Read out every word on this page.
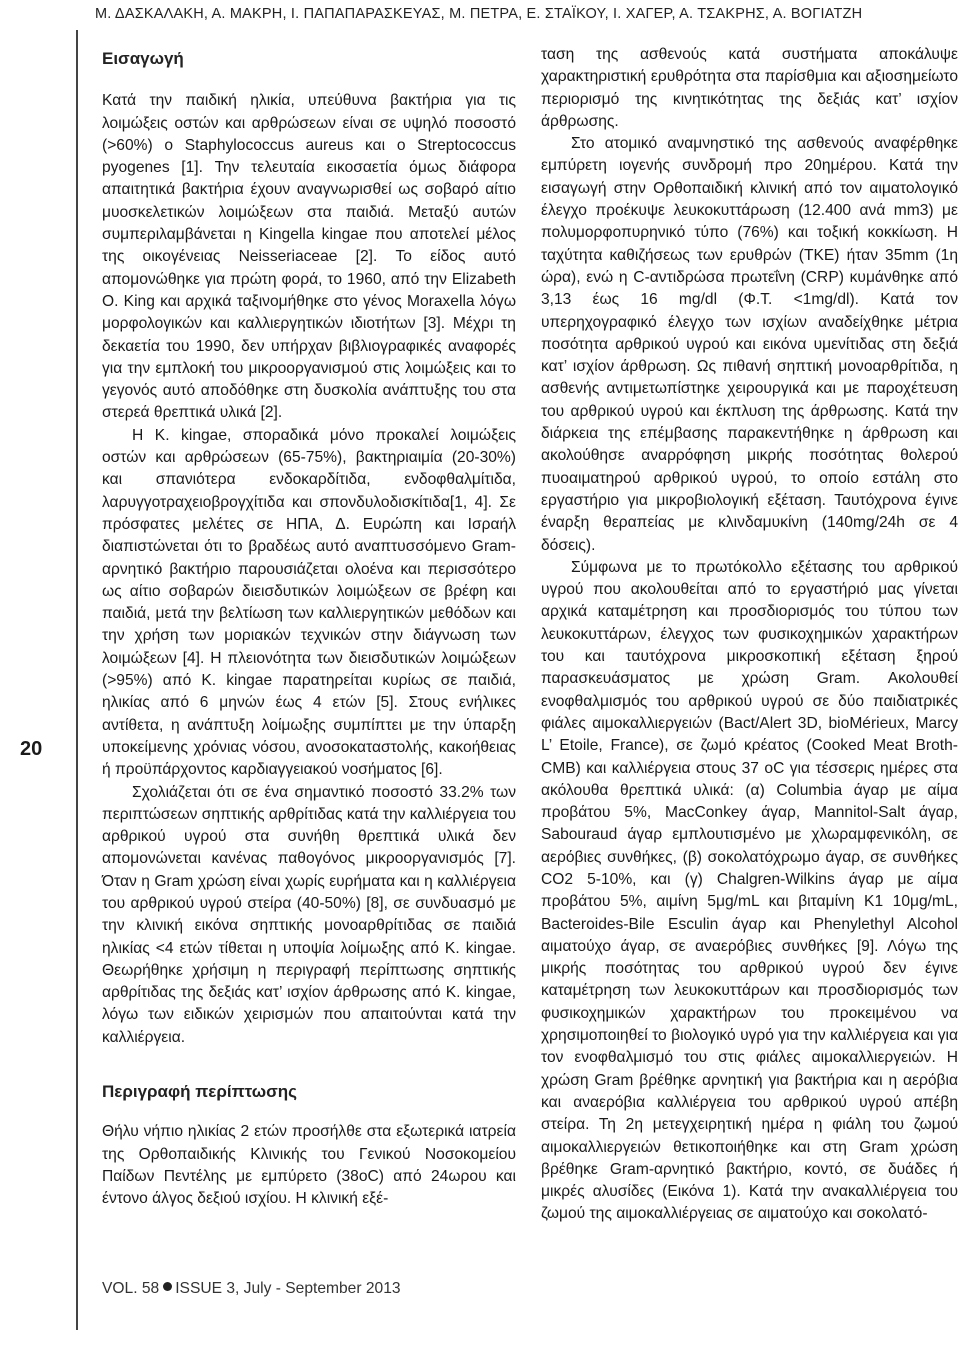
Μ. ΔΑΣΚΑΛΑΚΗ, Α. ΜΑΚΡΗ, Ι. ΠΑΠΑΠΑΡΑΣΚΕΥΑΣ, Μ. ΠΕΤΡΑ, Ε. ΣΤΑΪΚΟΥ, Ι. ΧΑΓΕΡ, Α. ΤΣΑΚΡΗΣ, Α. ΒΟΓΙΑΤΖΗ
20
Εισαγωγή

Κατά την παιδική ηλικία, υπεύθυνα βακτήρια για τις λοιμώξεις οστών και αρθρώσεων είναι σε υψηλό ποσοστό (>60%) ο Staphylococcus aureus και ο Streptococcus pyogenes [1]. Την τελευταία εικοσαετία όμως διάφορα απαιτητικά βακτήρια έχουν αναγνωρισθεί ως σοβαρό αίτιο μυοσκελετικών λοιμώξεων στα παιδιά. Μεταξύ αυτών συμπεριλαμβάνεται η Kingella kingae που αποτελεί μέλος της οικογένειας Neisseriaceae [2]. Το είδος αυτό απομονώθηκε για πρώτη φορά, το 1960, από την Elizabeth O. King και αρχικά ταξινομήθηκε στο γένος Moraxella λόγω μορφολογικών και καλλιεργητικών ιδιοτήτων [3]. Μέχρι τη δεκαετία του 1990, δεν υπήρχαν βιβλιογραφικές αναφορές για την εμπλοκή του μικροοργανισμού στις λοιμώξεις και το γεγονός αυτό αποδόθηκε στη δυσκολία ανάπτυξης του στα στερεά θρεπτικά υλικά [2].

Η K. kingae, σποραδικά μόνο προκαλεί λοιμώξεις οστών και αρθρώσεων (65-75%), βακτηριαιμία (20-30%) και σπανιότερα ενδοκαρδίτιδα, ενδοφθαλμίτιδα, λαρυγγοτραχειοβρογχίτιδα και σπονδυλοδισκίτιδα[1, 4]. Σε πρόσφατες μελέτες σε ΗΠΑ, Δ. Ευρώπη και Ισραήλ διαπιστώνεται ότι το βραδέως αυτό αναπτυσσόμενο Gram-αρνητικό βακτήριο παρουσιάζεται ολοένα και περισσότερο ως αίτιο σοβαρών διεισδυτικών λοιμώξεων σε βρέφη και παιδιά, μετά την βελτίωση των καλλιεργητικών μεθόδων και την χρήση των μοριακών τεχνικών στην διάγνωση των λοιμώξεων [4]. Η πλειονότητα των διεισδυτικών λοιμώξεων (>95%) από K. kingae παρατηρείται κυρίως σε παιδιά, ηλικίας από 6 μηνών έως 4 ετών [5]. Στους ενήλικες αντίθετα, η ανάπτυξη λοίμωξης συμπίπτει με την ύπαρξη υποκείμενης χρόνιας νόσου, ανοσοκαταστολής, κακοήθειας ή προϋπάρχοντος καρδιαγγειακού νοσήματος [6].

Σχολιάζεται ότι σε ένα σημαντικό ποσοστό 33.2% των περιπτώσεων σηπτικής αρθρίτιδας κατά την καλλιέργεια του αρθρικού υγρού στα συνήθη θρεπτικά υλικά δεν απομονώνεται κανένας παθογόνος μικροοργανισμός [7]. Όταν η Gram χρώση είναι χωρίς ευρήματα και η καλλιέργεια του αρθρικού υγρού στείρα (40-50%) [8], σε συνδυασμό με την κλινική εικόνα σηπτικής μονοαρθρίτιδας σε παιδιά ηλικίας <4 ετών τίθεται η υποψία λοίμωξης από K. kingae. Θεωρήθηκε χρήσιμη η περιγραφή περίπτωσης σηπτικής αρθρίτιδας της δεξιάς κατ’ ισχίον άρθρωσης από K. kingae, λόγω των ειδικών χειρισμών που απαιτούνται κατά την καλλιέργεια.

Περιγραφή περίπτωσης

Θήλυ νήπιο ηλικίας 2 ετών προσήλθε στα εξωτερικά ιατρεία της Ορθοπαιδικής Κλινικής του Γενικού Νοσοκομείου Παίδων Πεντέλης με εμπύρετο (38oC) από 24ωρου και έντονο άλγος δεξιού ισχίου. Η κλινική εξέ-

ταση της ασθενούς κατά συστήματα αποκάλυψε χαρακτηριστική ερυθρότητα στα παρίσθμια και αξιοσημείωτο περιορισμό της κινητικότητας της δεξιάς κατ’ ισχίον άρθρωσης.

Στο ατομικό αναμνηστικό της ασθενούς αναφέρθηκε εμπύρετη ιογενής συνδρομή προ 20ημέρου. Κατά την εισαγωγή στην Ορθοπαιδική κλινική από τον αιματολογικό έλεγχο προέκυψε λευκοκυττάρωση (12.400 ανά mm3) με πολυμορφοπυρηνικό τύπο (76%) και τοξική κοκκίωση. Η ταχύτητα καθιζήσεως των ερυθρών (ΤΚΕ) ήταν 35mm (1η ώρα), ενώ η C-αντιδρώσα πρωτεΐνη (CRP) κυμάνθηκε από 3,13 έως 16 mg/dl (Φ.Τ. <1mg/dl). Κατά τον υπερηχογραφικό έλεγχο των ισχίων αναδείχθηκε μέτρια ποσότητα αρθρικού υγρού και εικόνα υμενίτιδας στη δεξιά κατ’ ισχίον άρθρωση. Ως πιθανή σηπτική μονοαρθρίτιδα, η ασθενής αντιμετωπίστηκε χειρουργικά και με παροχέτευση του αρθρικού υγρού και έκπλυση της άρθρωσης. Κατά την διάρκεια της επέμβασης παρακεντήθηκε η άρθρωση και ακολούθησε αναρρόφηση μικρής ποσότητας θολερού πυοαιματηρού αρθρικού υγρού, το οποίο εστάλη στο εργαστήριο για μικροβιολογική εξέταση. Ταυτόχρονα έγινε έναρξη θεραπείας με κλινδαμυκίνη (140mg/24h σε 4 δόσεις).

Σύμφωνα με το πρωτόκολλο εξέτασης του αρθρικού υγρού που ακολουθείται από το εργαστήριό μας γίνεται αρχικά καταμέτρηση και προσδιορισμός του τύπου των λευκοκυττάρων, έλεγχος των φυσικοχημικών χαρακτήρων του και ταυτόχρονα μικροσκοπική εξέταση ξηρού παρασκευάσματος με χρώση Gram. Ακολουθεί ενοφθαλμισμός του αρθρικού υγρού σε δύο παιδιατρικές φιάλες αιμοκαλλιεργειών (Bact/Alert 3D, bioMérieux, Marcy L’ Etoile, France), σε ζωμό κρέατος (Cooked Meat Broth-CMB) και καλλιέργεια στους 37 oC για τέσσερις ημέρες στα ακόλουθα θρεπτικά υλικά: (α) Columbia άγαρ με αίμα προβάτου 5%, MacConkey άγαρ, Mannitol-Salt άγαρ, Sabouraud άγαρ εμπλουτισμένο με χλωραμφενικόλη, σε αερόβιες συνθήκες, (β) σοκολατόχρωμο άγαρ, σε συνθήκες CO2 5-10%, και (γ) Chalgren-Wilkins άγαρ με αίμα προβάτου 5%, αιμίνη 5μg/mL και βιταμίνη K1 10μg/mL, Bacteroides-Bile Esculin άγαρ και Phenylethyl Alcohol αιματούχο άγαρ, σε αναερόβιες συνθήκες [9]. Λόγω της μικρής ποσότητας του αρθρικού υγρού δεν έγινε καταμέτρηση των λευκοκυττάρων και προσδιορισμός των φυσικοχημικών χαρακτήρων του προκειμένου να χρησιμοποιηθεί το βιολογικό υγρό για την καλλιέργεια και για τον ενοφθαλμισμό του στις φιάλες αιμοκαλλιεργειών. Η χρώση Gram βρέθηκε αρνητική για βακτήρια και η αερόβια και αναερόβια καλλιέργεια του αρθρικού υγρού απέβη στείρα. Τη 2η μετεγχειρητική ημέρα η φιάλη του ζωμού αιμοκαλλιεργειών θετικοποιήθηκε και στη Gram χρώση βρέθηκε Gram-αρνητικό βακτήριο, κοντό, σε δυάδες ή μικρές αλυσίδες (Εικόνα 1). Κατά την ανακαλλιέργεια του ζωμού της αιμοκαλλιέργειας σε αιματούχο και σοκολατό-

VOL. 58 ISSUE 3, July - September 2013
